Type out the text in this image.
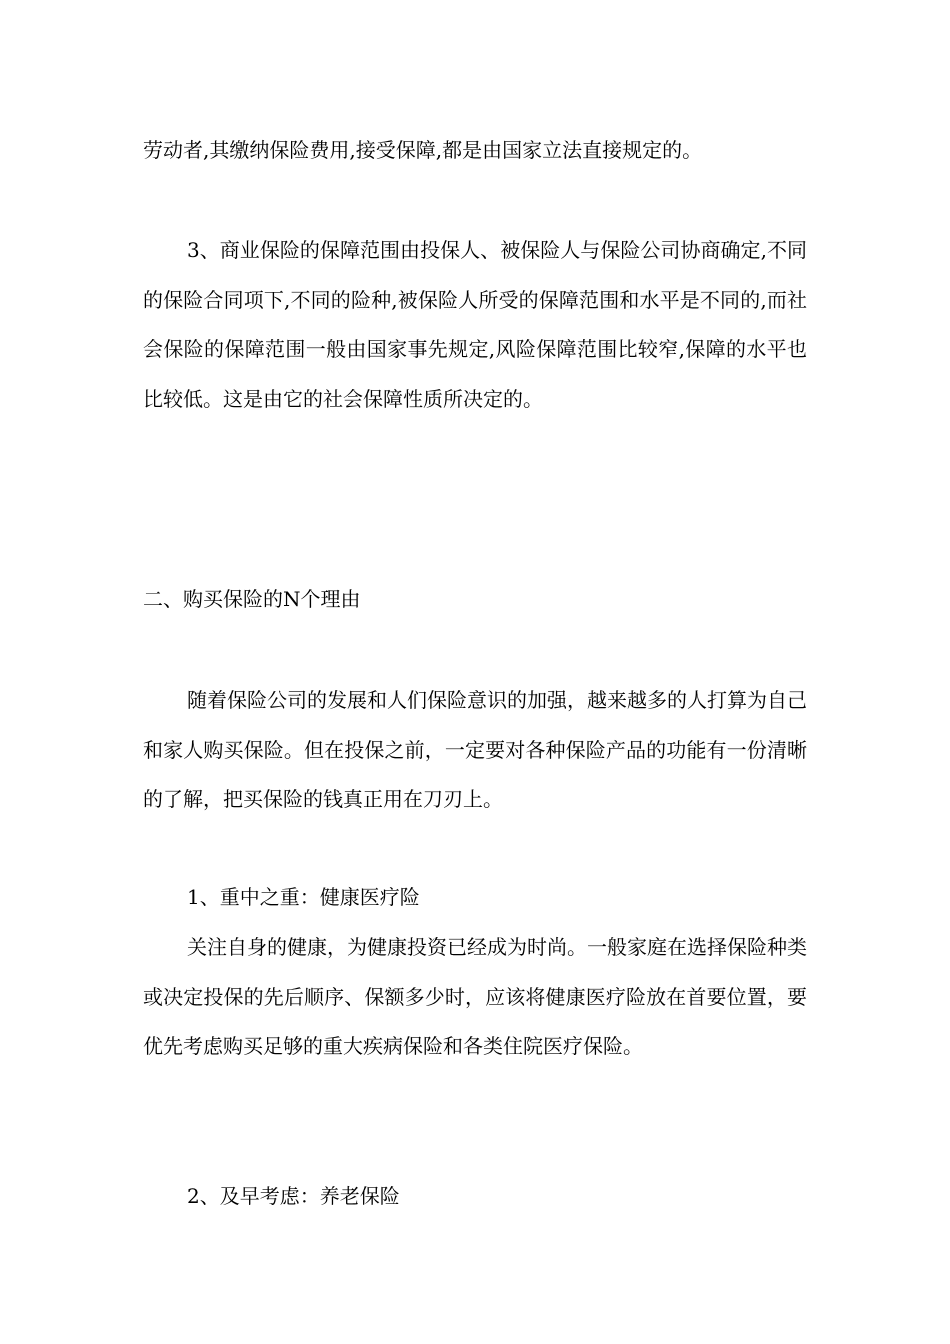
劳动者,其缴纳保险费用,接受保障,都是由国家立法直接规定的。

3、商业保险的保障范围由投保人、被保险人与保险公司协商确定,不同的保险合同项下,不同的险种,被保险人所受的保障范围和水平是不同的,而社会保险的保障范围一般由国家事先规定,风险保障范围比较窄,保障的水平也比较低。这是由它的社会保障性质所决定的。

二、购买保险的N个理由

随着保险公司的发展和人们保险意识的加强，越来越多的人打算为自己和家人购买保险。但在投保之前，一定要对各种保险产品的功能有一份清晰的了解，把买保险的钱真正用在刀刃上。

1、重中之重：健康医疗险

关注自身的健康，为健康投资已经成为时尚。一般家庭在选择保险种类或决定投保的先后顺序、保额多少时，应该将健康医疗险放在首要位置，要优先考虑购买足够的重大疾病保险和各类住院医疗保险。

2、及早考虑：养老保险
